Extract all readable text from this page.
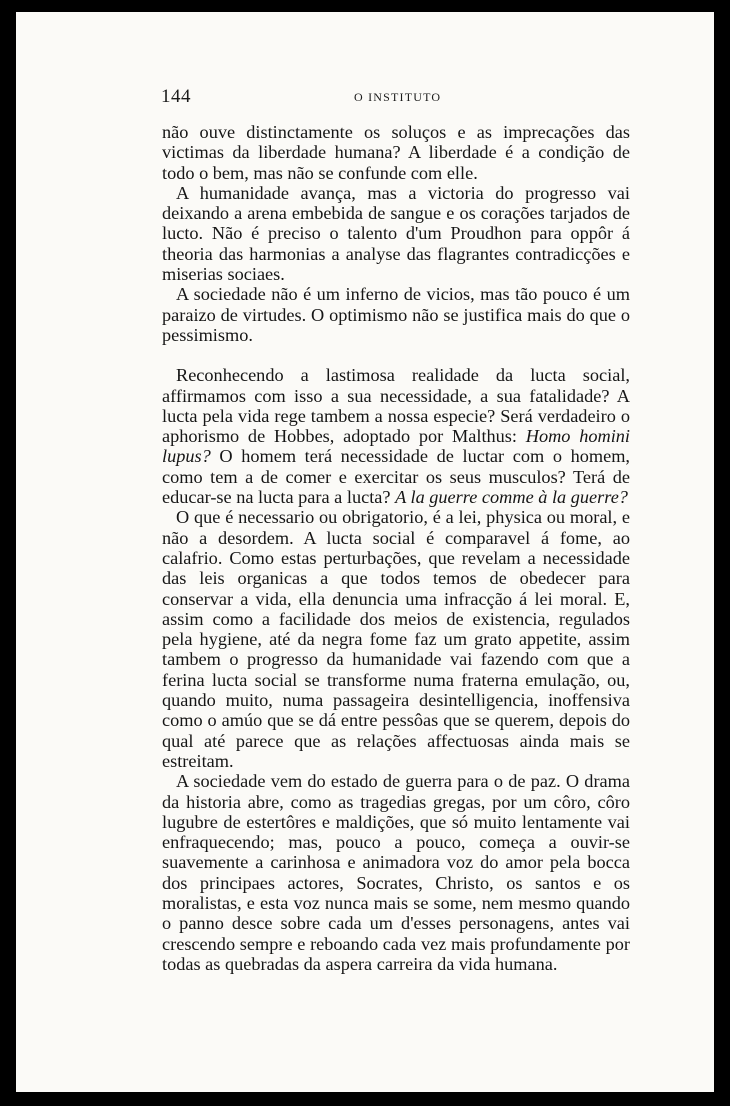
144	O INSTITUTO

não ouve distinctamente os soluços e as imprecações das victimas da liberdade humana? A liberdade é a condição de todo o bem, mas não se confunde com elle.

A humanidade avança, mas a victoria do progresso vai deixando a arena embebida de sangue e os corações tarjados de lucto. Não é preciso o talento d'um Proudhon para oppôr á theoria das harmonias a analyse das flagrantes contradicções e miserias sociaes.

A sociedade não é um inferno de vicios, mas tão pouco é um paraizo de virtudes. O optimismo não se justifica mais do que o pessimismo.

Reconhecendo a lastimosa realidade da lucta social, affirmamos com isso a sua necessidade, a sua fatalidade? A lucta pela vida rege tambem a nossa especie? Será verdadeiro o aphorismo de Hobbes, adoptado por Malthus: Homo homini lupus? O homem terá necessidade de luctar com o homem, como tem a de comer e exercitar os seus musculos? Terá de educar-se na lucta para a lucta? A la guerre comme à la guerre?

O que é necessario ou obrigatorio, é a lei, physica ou moral, e não a desordem. A lucta social é comparavel á fome, ao calafrio. Como estas perturbações, que revelam a necessidade das leis organicas a que todos temos de obedecer para conservar a vida, ella denuncia uma infracção á lei moral. E, assim como a facilidade dos meios de existencia, regulados pela hygiene, até da negra fome faz um grato appetite, assim tambem o progresso da humanidade vai fazendo com que a ferina lucta social se transforme numa fraterna emulação, ou, quando muito, numa passageira desintelligencia, inoffensiva como o amúo que se dá entre pessôas que se querem, depois do qual até parece que as relações affectuosas ainda mais se estreitam.

A sociedade vem do estado de guerra para o de paz. O drama da historia abre, como as tragedias gregas, por um côro, côro lugubre de estertôres e maldições, que só muito lentamente vai enfraquecendo; mas, pouco a pouco, começa a ouvir-se suavemente a carinhosa e animadora voz do amor pela bocca dos principaes actores, Socrates, Christo, os santos e os moralistas, e esta voz nunca mais se some, nem mesmo quando o panno desce sobre cada um d'esses personagens, antes vai crescendo sempre e reboando cada vez mais profundamente por todas as quebradas da aspera carreira da vida humana.
